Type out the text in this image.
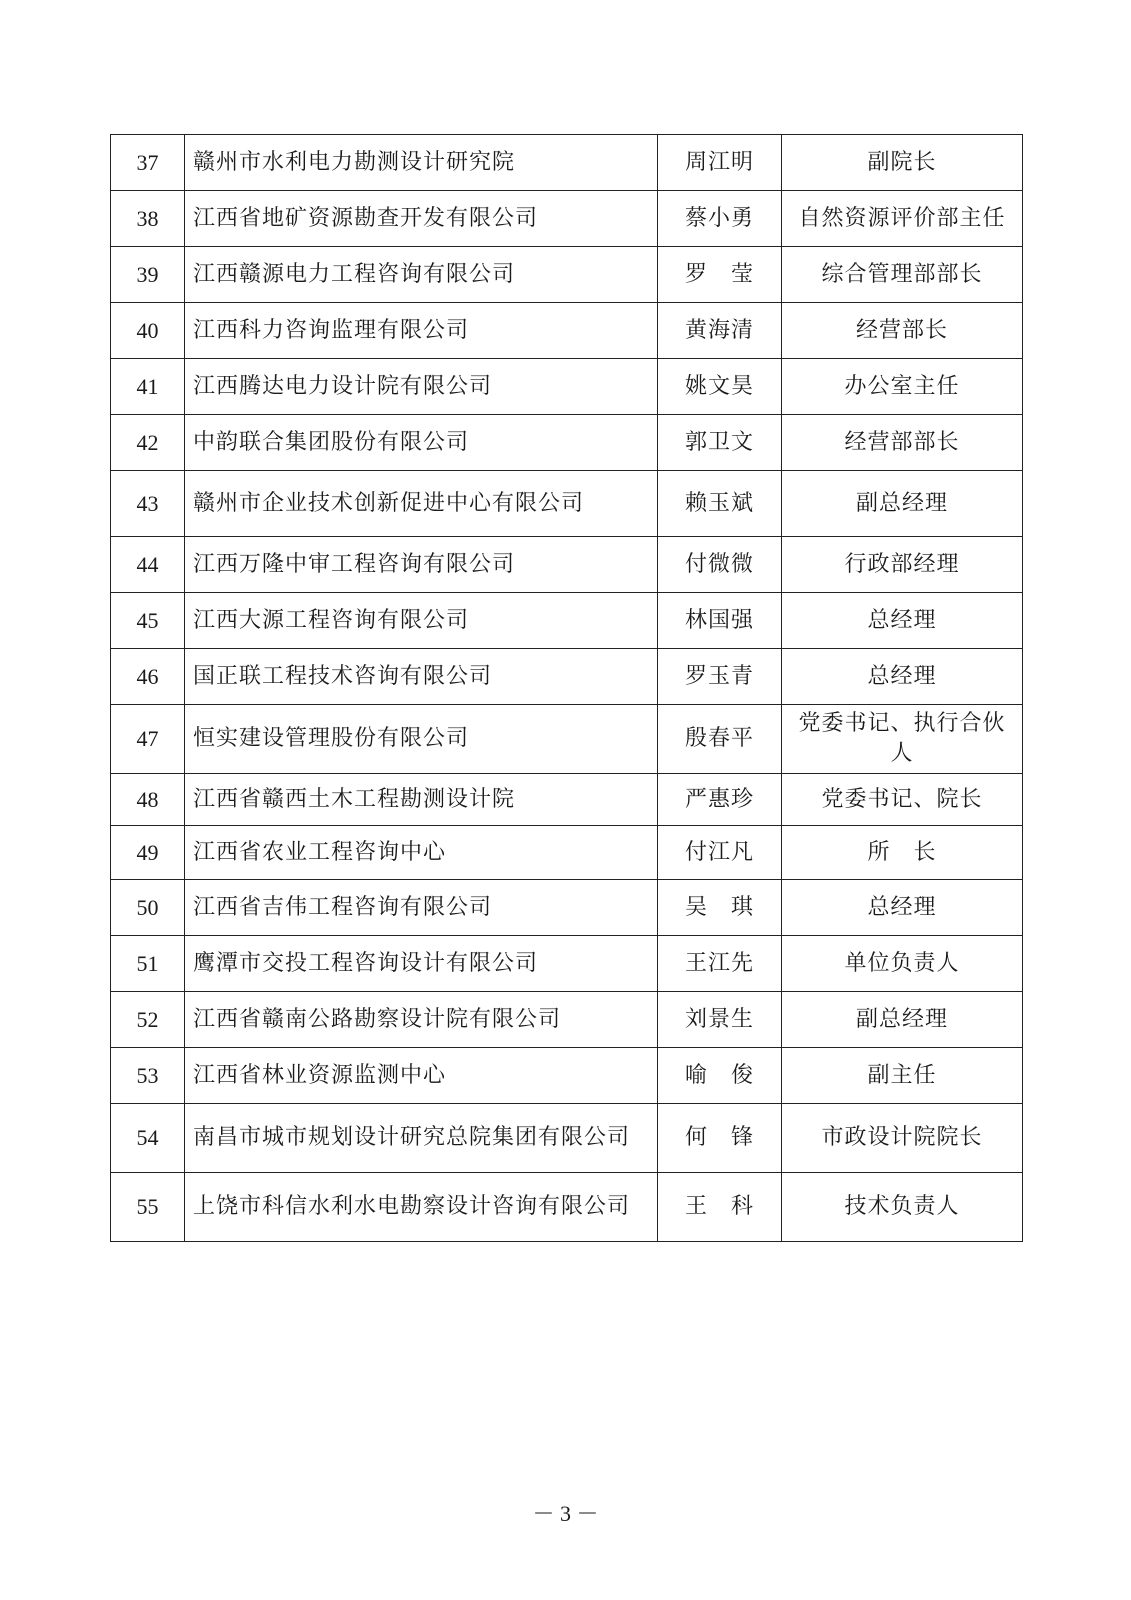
37	赣州市水利电力勘测设计研究院	周江明	副院长
38	江西省地矿资源勘查开发有限公司	蔡小勇	自然资源评价部主任
39	江西赣源电力工程咨询有限公司	罗　莹	综合管理部部长
40	江西科力咨询监理有限公司	黄海清	经营部长
41	江西腾达电力设计院有限公司	姚文昊	办公室主任
42	中韵联合集团股份有限公司	郭卫文	经营部部长
43	赣州市企业技术创新促进中心有限公司	赖玉斌	副总经理
44	江西万隆中审工程咨询有限公司	付微微	行政部经理
45	江西大源工程咨询有限公司	林国强	总经理
46	国正联工程技术咨询有限公司	罗玉青	总经理
47	恒实建设管理股份有限公司	殷春平	党委书记、执行合伙人
48	江西省赣西土木工程勘测设计院	严惠珍	党委书记、院长
49	江西省农业工程咨询中心	付江凡	所　长
50	江西省吉伟工程咨询有限公司	吴　琪	总经理
51	鹰潭市交投工程咨询设计有限公司	王江先	单位负责人
52	江西省赣南公路勘察设计院有限公司	刘景生	副总经理
53	江西省林业资源监测中心	喻　俊	副主任
54	南昌市城市规划设计研究总院集团有限公司	何　锋	市政设计院院长
55	上饶市科信水利水电勘察设计咨询有限公司	王　科	技术负责人
－ 3 －
